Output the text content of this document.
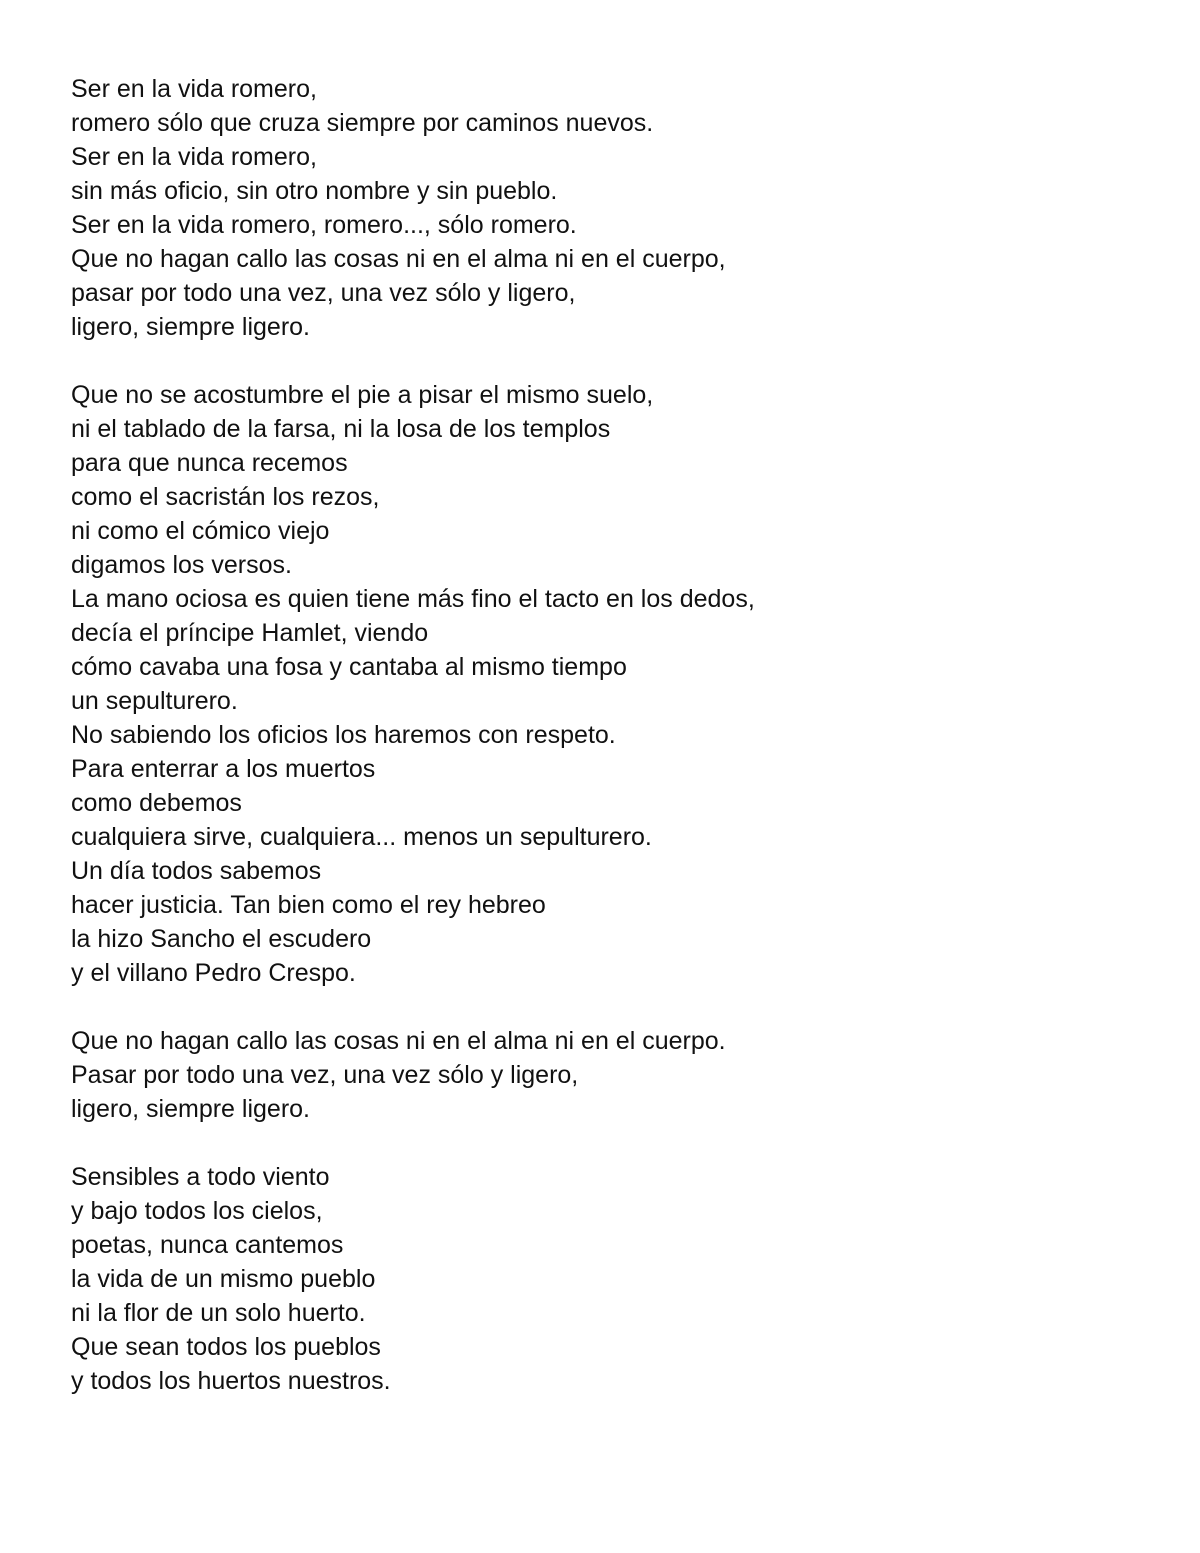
Ser en la vida romero,
romero sólo que cruza siempre por caminos nuevos.
Ser en la vida romero,
sin más oficio, sin otro nombre y sin pueblo.
Ser en la vida romero, romero..., sólo romero.
Que no hagan callo las cosas ni en el alma ni en el cuerpo,
pasar por todo una vez, una vez sólo y ligero,
ligero, siempre ligero.
Que no se acostumbre el pie a pisar el mismo suelo,
ni el tablado de la farsa, ni la losa de los templos
para que nunca recemos
como el sacristán los rezos,
ni como el cómico viejo
digamos los versos.
La mano ociosa es quien tiene más fino el tacto en los dedos,
decía el príncipe Hamlet, viendo
cómo cavaba una fosa y cantaba al mismo tiempo
un sepulturero.
No sabiendo los oficios los haremos con respeto.
Para enterrar a los muertos
como debemos
cualquiera sirve, cualquiera... menos un sepulturero.
Un día todos sabemos
hacer justicia. Tan bien como el rey hebreo
la hizo Sancho el escudero
y el villano Pedro Crespo.
Que no hagan callo las cosas ni en el alma ni en el cuerpo.
Pasar por todo una vez, una vez sólo y ligero,
ligero, siempre ligero.
Sensibles a todo viento
y bajo todos los cielos,
poetas, nunca cantemos
la vida de un mismo pueblo
ni la flor de un solo huerto.
Que sean todos los pueblos
y todos los huertos nuestros.
